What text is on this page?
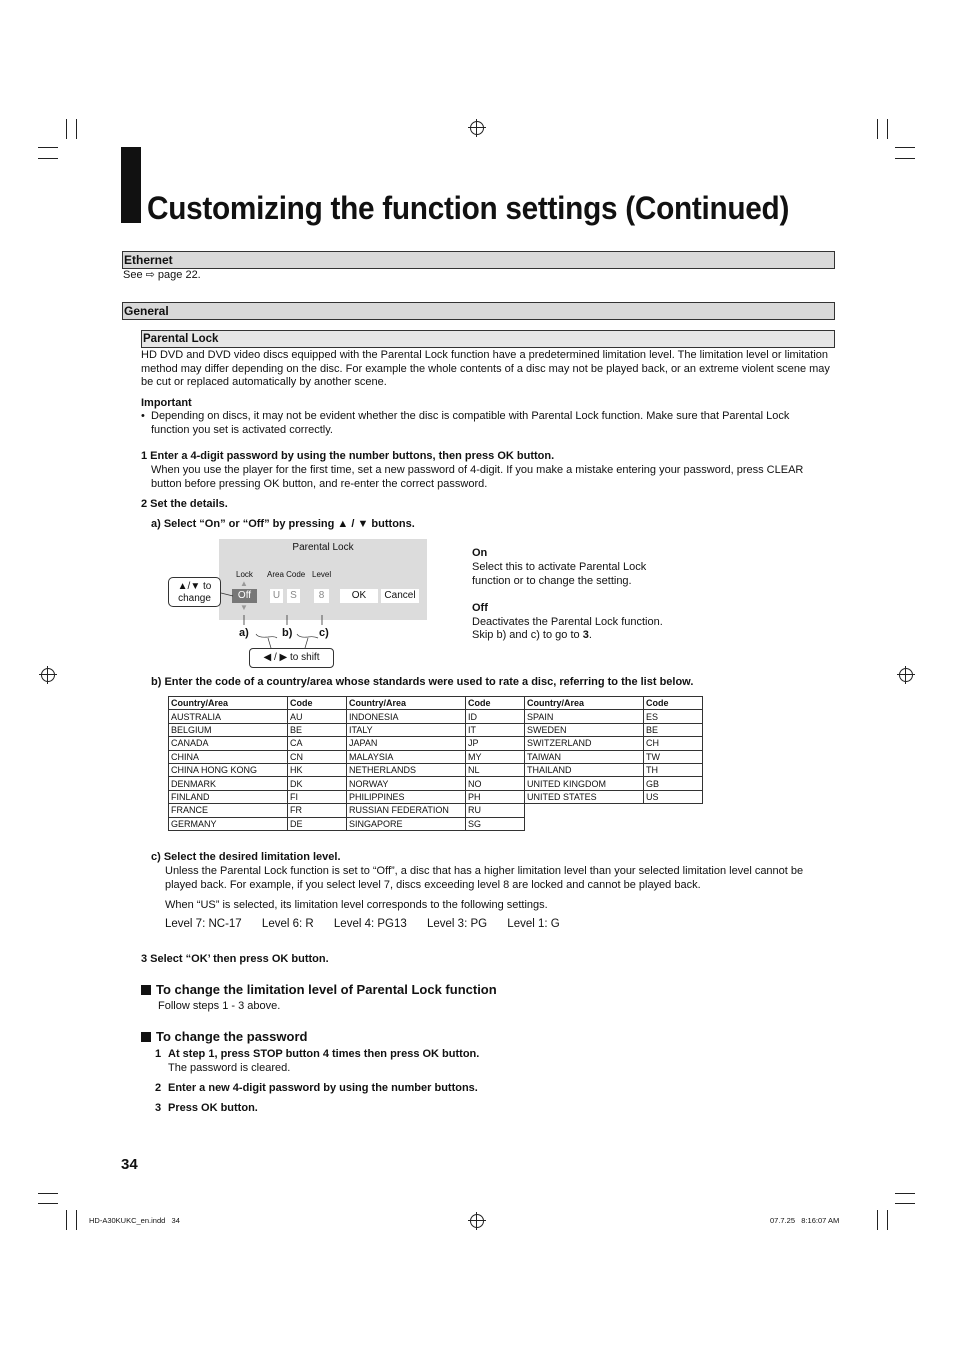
Customizing the function settings (Continued)
Ethernet
See ⇨ page 22.
General
Parental Lock
HD DVD and DVD video discs equipped with the Parental Lock function have a predetermined limitation level. The limitation level or limitation method may differ depending on the disc. For example the whole contents of a disc may not be played back, or an extreme violent scene may be cut or replaced automatically by another scene.
Important
• Depending on discs, it may not be evident whether the disc is compatible with Parental Lock function. Make sure that Parental Lock function you set is activated correctly.
1 Enter a 4-digit password by using the number buttons, then press OK button.
When you use the player for the first time, set a new password of 4-digit. If you make a mistake entering your password, press CLEAR button before pressing OK button, and re-enter the correct password.
2 Set the details.
a) Select “On” or “Off” by pressing ▲ / ▼ buttons.
Parental Lock
Lock Area Code Level
▲
Off
▼
U	S	8	OK	Cancel
▲/▼ to
change
a)	b) c)
◀ / ▶ to shift
On
Select this to activate Parental Lock function or to change the setting.
Off
Deactivates the Parental Lock function.
Skip b) and c) to go to 3.
b) Enter the code of a country/area whose standards were used to rate a disc, referring to the list below.
Country/Area	Code	Country/Area	Code	Country/Area	Code
AUSTRALIA	AU	INDONESIA	ID	SPAIN	ES
BELGIUM	BE	ITALY	IT	SWEDEN	BE
CANADA	CA	JAPAN	JP	SWITZERLAND	CH
CHINA	CN	MALAYSIA	MY	TAIWAN	TW
CHINA HONG KONG	HK	NETHERLANDS	NL	THAILAND	TH
DENMARK	DK	NORWAY	NO	UNITED KINGDOM	GB
FINLAND	FI	PHILIPPINES	PH	UNITED STATES	US
FRANCE	FR	RUSSIAN FEDERATION	RU		
GERMANY	DE	SINGAPORE	SG		
c) Select the desired limitation level.
Unless the Parental Lock function is set to “Off”, a disc that has a higher limitation level than your selected limitation level cannot be played back. For example, if you select level 7, discs exceeding level 8 are locked and cannot be played back.
When “US” is selected, its limitation level corresponds to the following settings.
Level 7: NC-17 Level 6: R Level 4: PG13 Level 3: PG Level 1: G
3 Select “OK’ then press OK button.
To change the limitation level of Parental Lock function
Follow steps 1 - 3 above.
To change the password
1 At step 1, press STOP button 4 times then press OK button.
The password is cleared.
2 Enter a new 4-digit password by using the number buttons.
3 Press OK button.
34
HD-A30KUKC_en.indd   34	07.7.25   8:16:07 AM
